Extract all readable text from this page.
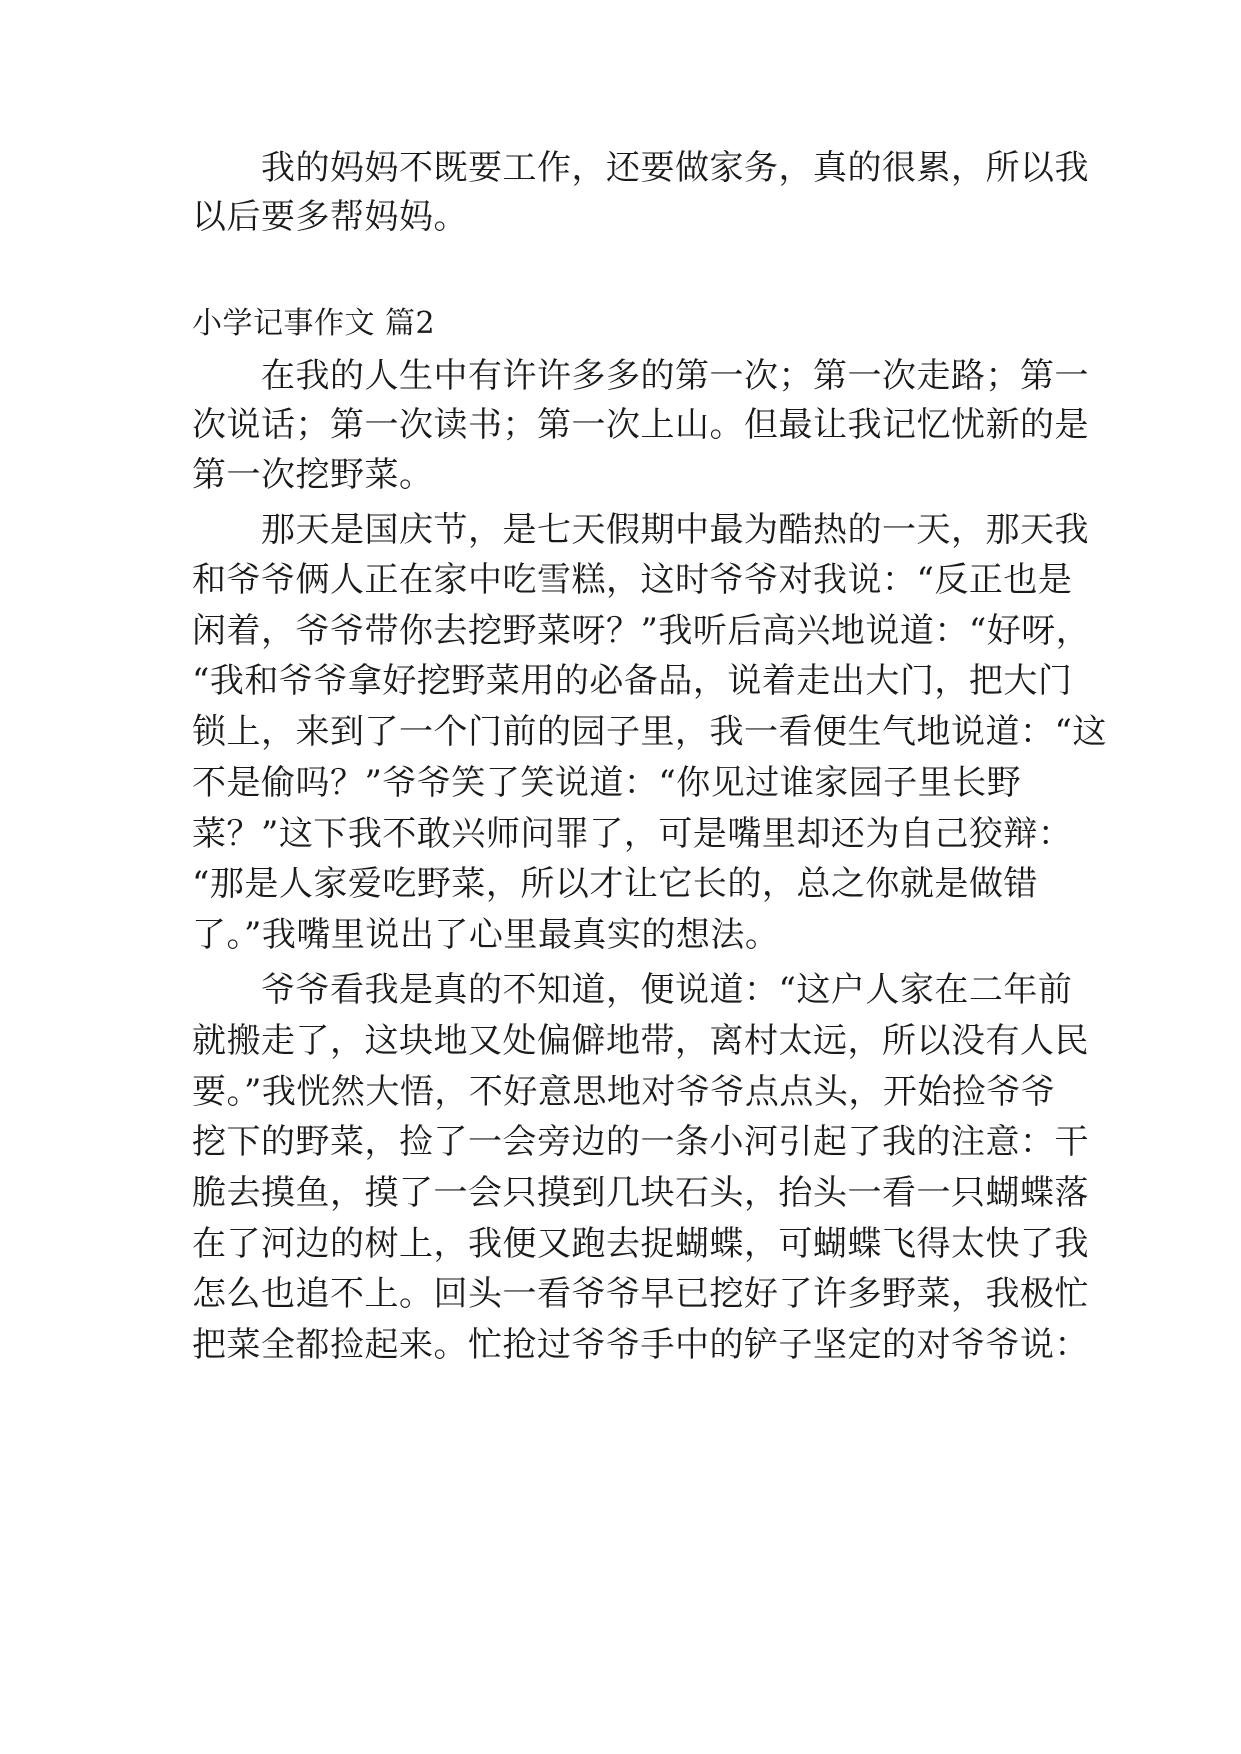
　　我的妈妈不既要工作，还要做家务，真的很累，所以我
以后要多帮妈妈。
小学记事作文 篇2
　　在我的人生中有许许多多的第一次；第一次走路；第一
次说话；第一次读书；第一次上山。但最让我记忆忧新的是
第一次挖野菜。
　　那天是国庆节，是七天假期中最为酷热的一天，那天我
和爷爷俩人正在家中吃雪糕，这时爷爷对我说：“反正也是
闲着，爷爷带你去挖野菜呀？”我听后高兴地说道：“好呀，
“我和爷爷拿好挖野菜用的必备品，说着走出大门，把大门
锁上，来到了一个门前的园子里，我一看便生气地说道：“这
不是偷吗？”爷爷笑了笑说道：“你见过谁家园子里长野
菜？”这下我不敢兴师问罪了，可是嘴里却还为自己狡辩：
“那是人家爱吃野菜，所以才让它长的，总之你就是做错
了。”我嘴里说出了心里最真实的想法。
　　爷爷看我是真的不知道，便说道：“这户人家在二年前
就搬走了，这块地又处偏僻地带，离村太远，所以没有人民
要。”我恍然大悟，不好意思地对爷爷点点头，开始捡爷爷
挖下的野菜，捡了一会旁边的一条小河引起了我的注意：干
脆去摸鱼，摸了一会只摸到几块石头，抬头一看一只蝴蝶落
在了河边的树上，我便又跑去捉蝴蝶，可蝴蝶飞得太快了我
怎么也追不上。回头一看爷爷早已挖好了许多野菜，我极忙
把菜全都捡起来。忙抢过爷爷手中的铲子坚定的对爷爷说：
